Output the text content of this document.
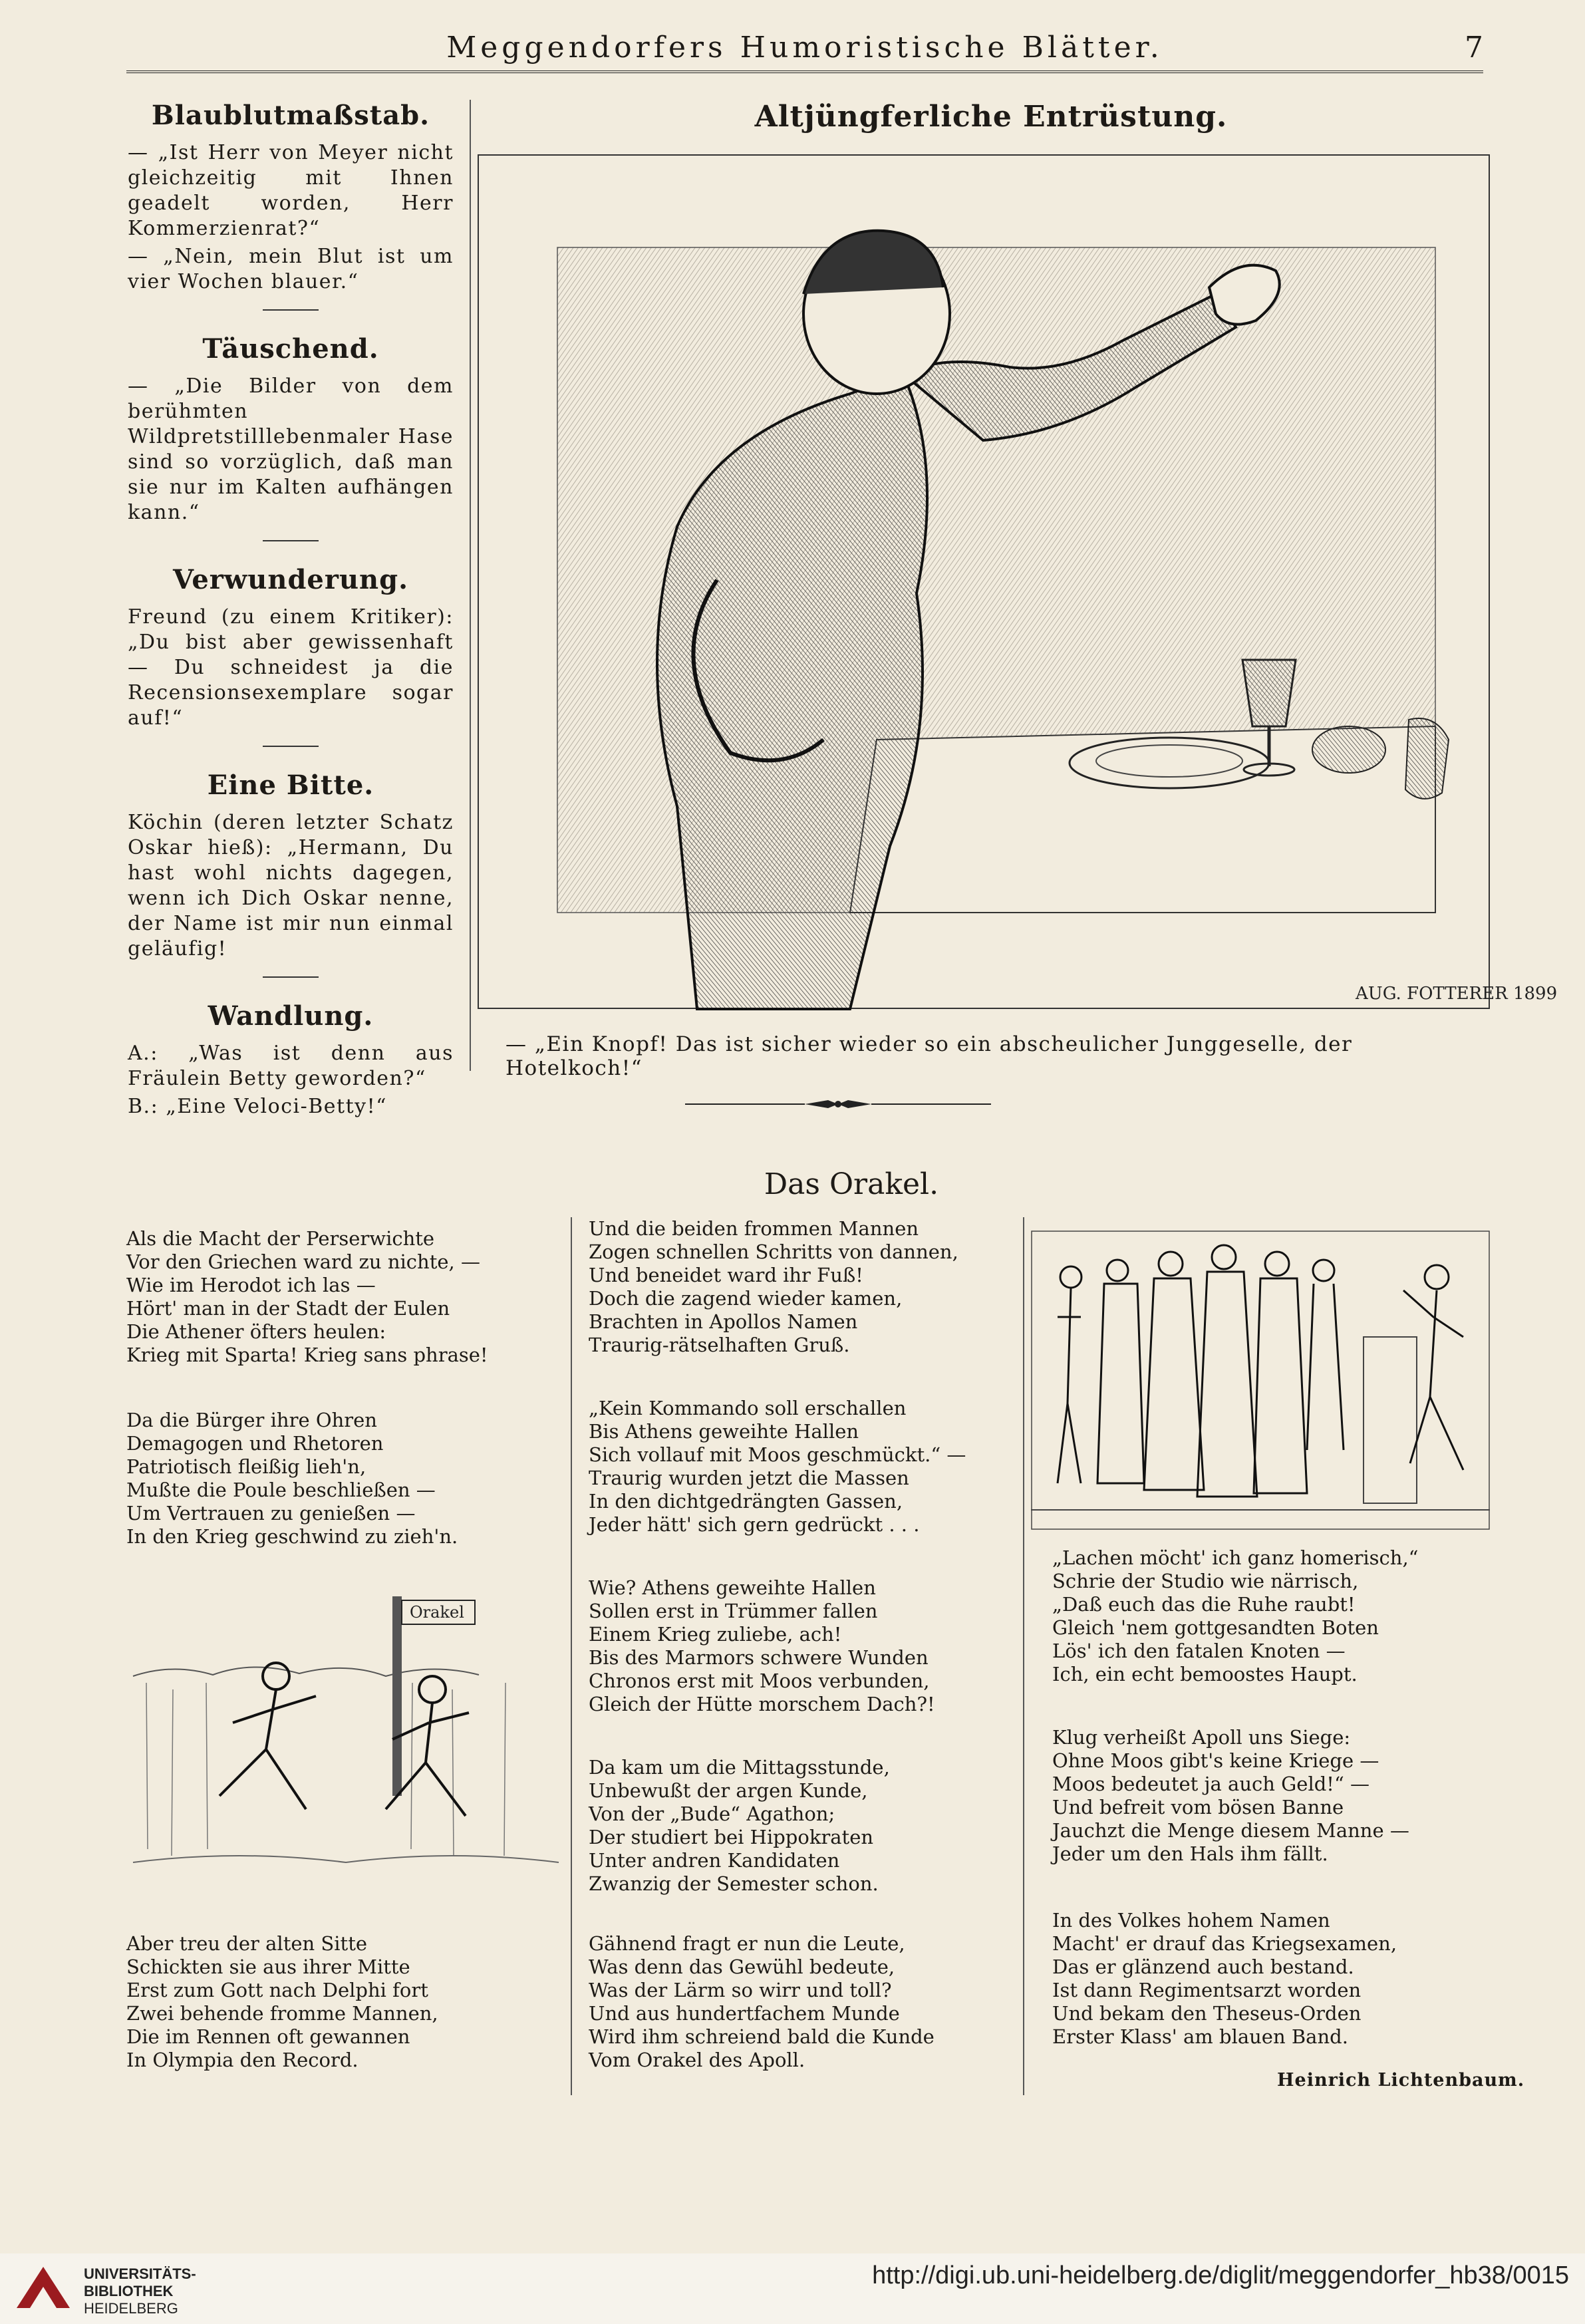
Meggendorfers Humoristische Blätter.	7
Blaublutmaßstab.

— „Ist Herr von Meyer nicht gleichzeitig mit Ihnen geadelt worden, Herr Kommerzienrat?“

— „Nein, mein Blut ist um vier Wochen blauer.“

Täuschend.

— „Die Bilder von dem berühmten Wildpretstilllebenmaler Hase sind so vorzüglich, daß man sie nur im Kalten aufhängen kann.“

Verwunderung.

Freund (zu einem Kritiker): „Du bist aber gewissenhaft — Du schneidest ja die Recensionsexemplare sogar auf!“

Eine Bitte.

Köchin (deren letzter Schatz Oskar hieß): „Hermann, Du hast wohl nichts dagegen, wenn ich Dich Oskar nenne, der Name ist mir nun einmal geläufig!

Wandlung.

A.: „Was ist denn aus Fräulein Betty geworden?“

B.: „Eine Veloci-Betty!“

Altjüngferliche Entrüstung.
AUG. FOTTERER 1899
— „Ein Knopf! Das ist sicher wieder so ein abscheulicher Junggeselle, der Hotelkoch!“
Das Orakel.
Als die Macht der Perserwichte
Vor den Griechen ward zu nichte, —
Wie im Herodot ich las —
Hört' man in der Stadt der Eulen
Die Athener öfters heulen:
Krieg mit Sparta! Krieg sans phrase!
Da die Bürger ihre Ohren
Demagogen und Rhetoren
Patriotisch fleißig lieh'n,
Mußte die Poule beschließen —
Um Vertrauen zu genießen —
In den Krieg geschwind zu zieh'n.
Orakel
Aber treu der alten Sitte
Schickten sie aus ihrer Mitte
Erst zum Gott nach Delphi fort
Zwei behende fromme Mannen,
Die im Rennen oft gewannen
In Olympia den Record.
Und die beiden frommen Mannen
Zogen schnellen Schritts von dannen,
Und beneidet ward ihr Fuß!
Doch die zagend wieder kamen,
Brachten in Apollos Namen
Traurig-rätselhaften Gruß.
„Kein Kommando soll erschallen
Bis Athens geweihte Hallen
Sich vollauf mit Moos geschmückt.“ —
Traurig wurden jetzt die Massen
In den dichtgedrängten Gassen,
Jeder hätt' sich gern gedrückt . . .
Wie? Athens geweihte Hallen
Sollen erst in Trümmer fallen
Einem Krieg zuliebe, ach!
Bis des Marmors schwere Wunden
Chronos erst mit Moos verbunden,
Gleich der Hütte morschem Dach?!
Da kam um die Mittagsstunde,
Unbewußt der argen Kunde,
Von der „Bude“ Agathon;
Der studiert bei Hippokraten
Unter andren Kandidaten
Zwanzig der Semester schon.
Gähnend fragt er nun die Leute,
Was denn das Gewühl bedeute,
Was der Lärm so wirr und toll?
Und aus hundertfachem Munde
Wird ihm schreiend bald die Kunde
Vom Orakel des Apoll.
„Lachen möcht' ich ganz homerisch,“
Schrie der Studio wie närrisch,
„Daß euch das die Ruhe raubt!
Gleich 'nem gottgesandten Boten
Lös' ich den fatalen Knoten —
Ich, ein echt bemoostes Haupt.
Klug verheißt Apoll uns Siege:
Ohne Moos gibt's keine Kriege —
Moos bedeutet ja auch Geld!“ —
Und befreit vom bösen Banne
Jauchzt die Menge diesem Manne —
Jeder um den Hals ihm fällt.
In des Volkes hohem Namen
Macht' er drauf das Kriegsexamen,
Das er glänzend auch bestand.
Ist dann Regimentsarzt worden
Und bekam den Theseus-Orden
Erster Klass' am blauen Band.
Heinrich Lichtenbaum.
UNIVERSITÄTS-
BIBLIOTHEK
HEIDELBERG
http://digi.ub.uni-heidelberg.de/diglit/meggendorfer_hb38/0015
